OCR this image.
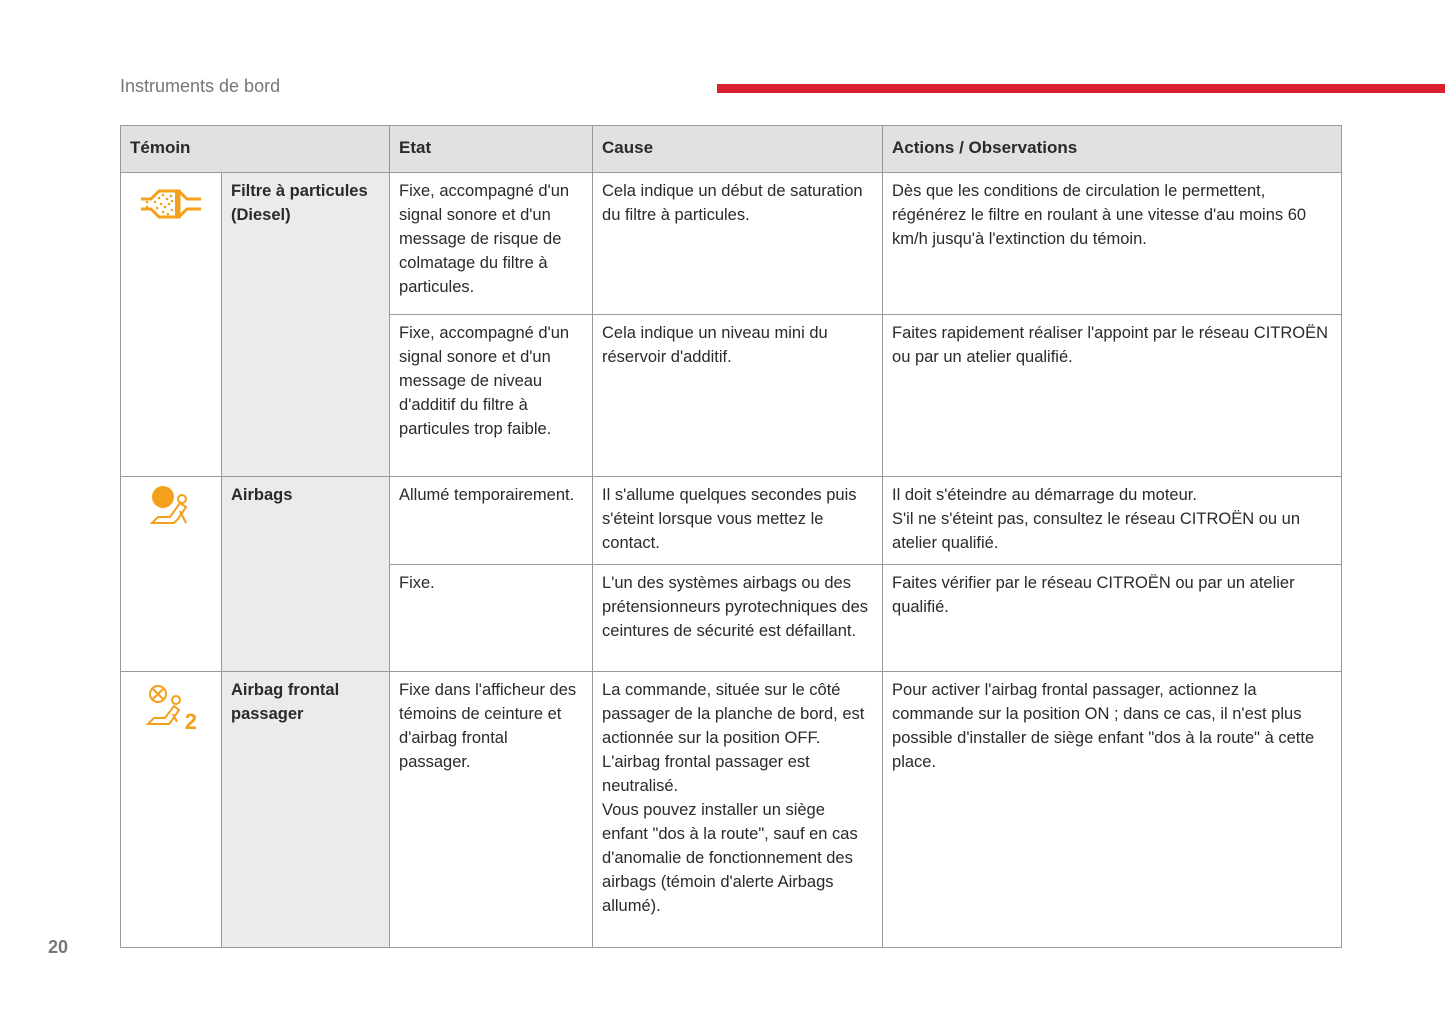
Instruments de bord
20
Témoin		Etat	Cause	Actions / Observations
	Filtre à particules (Diesel)	Fixe, accompagné d'un signal sonore et d'un message de risque de colmatage du filtre à particules.	Cela indique un début de saturation du filtre à particules.	Dès que les conditions de circulation le permettent, régénérez le filtre en roulant à une vitesse d'au moins 60 km/h jusqu'à l'extinction du témoin.
		Fixe, accompagné d'un signal sonore et d'un message de niveau d'additif du filtre à particules trop faible.	Cela indique un niveau mini du réservoir d'additif.	Faites rapidement réaliser l'appoint par le réseau CITROËN ou par un atelier qualifié.
	Airbags	Allumé temporairement.	Il s'allume quelques secondes puis s'éteint lorsque vous mettez le contact.	Il doit s'éteindre au démarrage du moteur.
S'il ne s'éteint pas, consultez le réseau CITROËN ou un atelier qualifié.
		Fixe.	L'un des systèmes airbags ou des prétensionneurs pyrotechniques des ceintures de sécurité est défaillant.	Faites vérifier par le réseau CITROËN ou par un atelier qualifié.

2	Airbag frontal passager	Fixe dans l'afficheur des témoins de ceinture et d'airbag frontal passager.	La commande, située sur le côté passager de la planche de bord, est actionnée sur la position OFF.
L'airbag frontal passager est neutralisé.
Vous pouvez installer un siège enfant "dos à la route", sauf en cas d'anomalie de fonctionnement des airbags (témoin d'alerte Airbags allumé).	Pour activer l'airbag frontal passager, actionnez la commande sur la position ON ; dans ce cas, il n'est plus possible d'installer de siège enfant "dos à la route" à cette place.
